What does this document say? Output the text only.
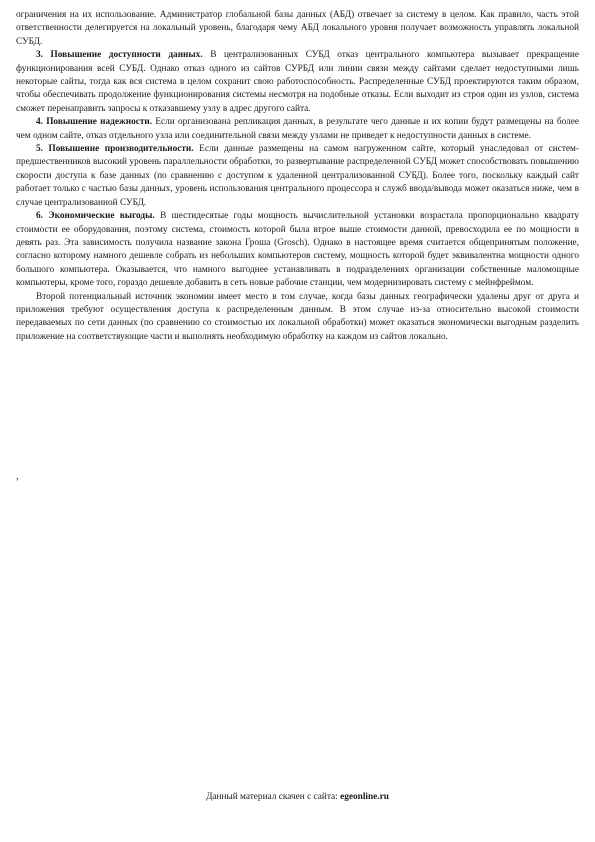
ограничения на их использование. Администратор глобальной базы данных (АБД) отвечает за систему в целом. Как правило, часть этой ответственности делегируется на локальный уровень, благодаря чему АБД локального уровня получает возможность управлять локальной СУБД.

3. Повышение доступности данных. В централизованных СУБД отказ центрального компьютера вызывает прекращение функционирования всей СУБД. Однако отказ одного из сайтов СУРБД или линии связи между сайтами сделает недоступными лишь некоторые сайты, тогда как вся система в целом сохранит свою работоспособность. Распределенные СУБД проектируются таким образом, чтобы обеспечивать продолжение функционирования системы несмотря на подобные отказы. Если выходит из строя один из узлов, система сможет перенаправить запросы к отказавшему узлу в адрес другого сайта.

4. Повышение надежности. Если организована репликация данных, в результате чего данные и их копии будут размещены на более чем одном сайте, отказ отдельного узла или соединительной связи между узлами не приведет к недоступности данных в системе.

5. Повышение производительности. Если данные размещены на самом нагруженном сайте, который унаследовал от систем-предшественников высокий уровень параллельности обработки, то развертывание распределенной СУБД может способствовать повышению скорости доступа к базе данных (по сравнению с доступом к удаленной централизованной СУБД). Более того, поскольку каждый сайт работает только с частью базы данных, уровень использования центрального процессора и служб ввода/вывода может оказаться ниже, чем в случае централизованной СУБД.

6. Экономические выгоды. В шестидесятые годы мощность вычислительной установки возрастала пропорционально квадрату стоимости ее оборудования, поэтому система, стоимость которой была втрое выше стоимости данной, превосходила ее по мощности в девять раз. Эта зависимость получила название закона Гроша (Grosch). Однако в настоящее время считается общепринятым положение, согласно которому намного дешевле собрать из небольших компьютеров систему, мощность которой будет эквивалентна мощности одного большого компьютера. Оказывается, что намного выгоднее устанавливать в подразделениях организации собственные маломощные компьютеры, кроме того, гораздо дешевле добавить в сеть новые рабочие станции, чем модернизировать систему с мейнфреймом.

Второй потенциальный источник экономии имеет место в том случае, когда базы данных географически удалены друг от друга и приложения требуют осуществления доступа к распределенным данным. В этом случае из-за относительно высокой стоимости передаваемых по сети данных (по сравнению со стоимостью их локальной обработки) может оказаться экономически выгодным разделить приложение на соответствующие части и выполнять необходимую обработку на каждом из сайтов локально.

,
Данный материал скачен с сайта: egeonline.ru
